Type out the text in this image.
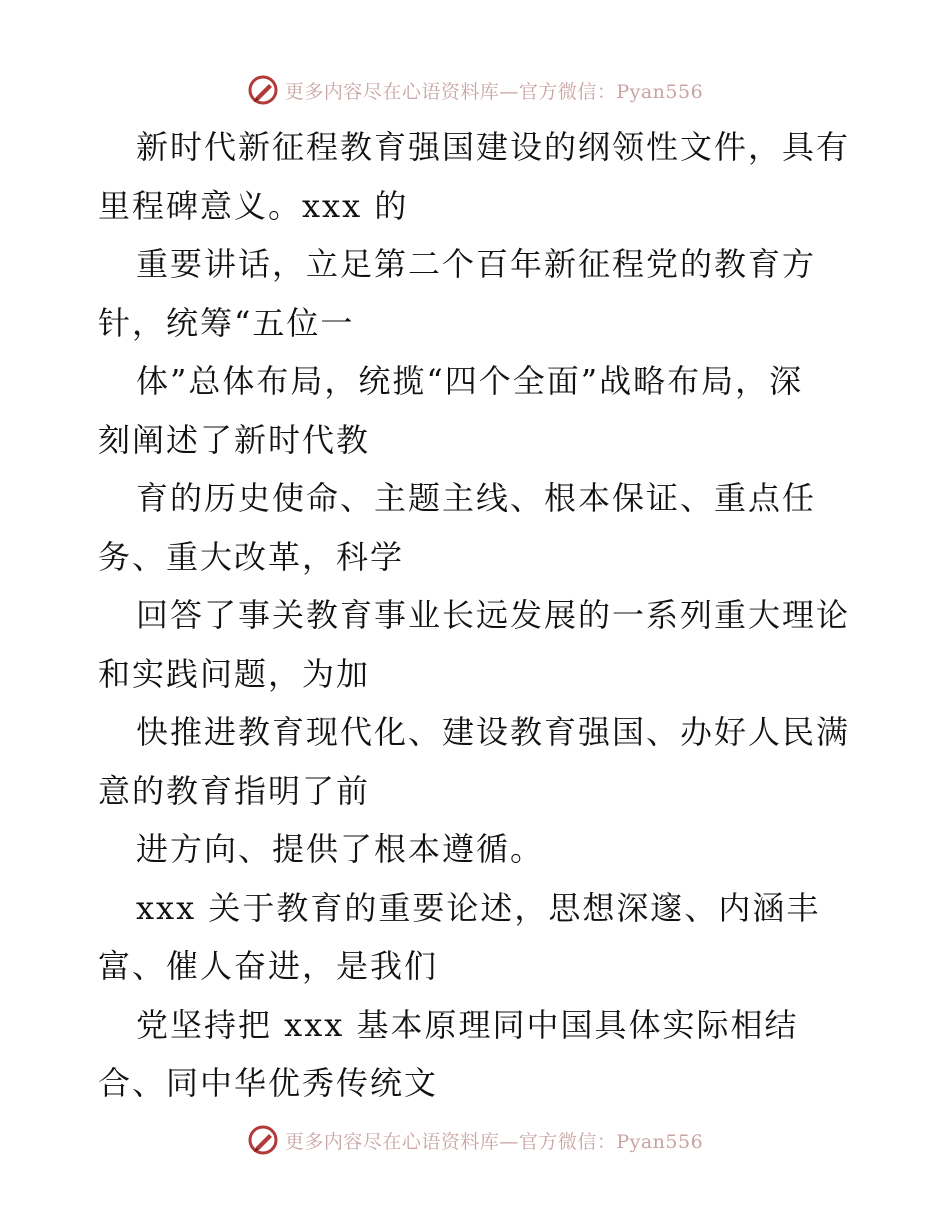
更多内容尽在心语资料库—官方微信：Pyan556
新时代新征程教育强国建设的纲领性文件，具有
里程碑意义。xxx 的
重要讲话，立足第二个百年新征程党的教育方
针，统筹“五位一
体”总体布局，统揽“四个全面”战略布局，深
刻阐述了新时代教
育的历史使命、主题主线、根本保证、重点任
务、重大改革，科学
回答了事关教育事业长远发展的一系列重大理论
和实践问题，为加
快推进教育现代化、建设教育强国、办好人民满
意的教育指明了前
进方向、提供了根本遵循。
xxx 关于教育的重要论述，思想深邃、内涵丰
富、催人奋进，是我们
党坚持把 xxx 基本原理同中国具体实际相结
合、同中华优秀传统文
更多内容尽在心语资料库—官方微信：Pyan556
